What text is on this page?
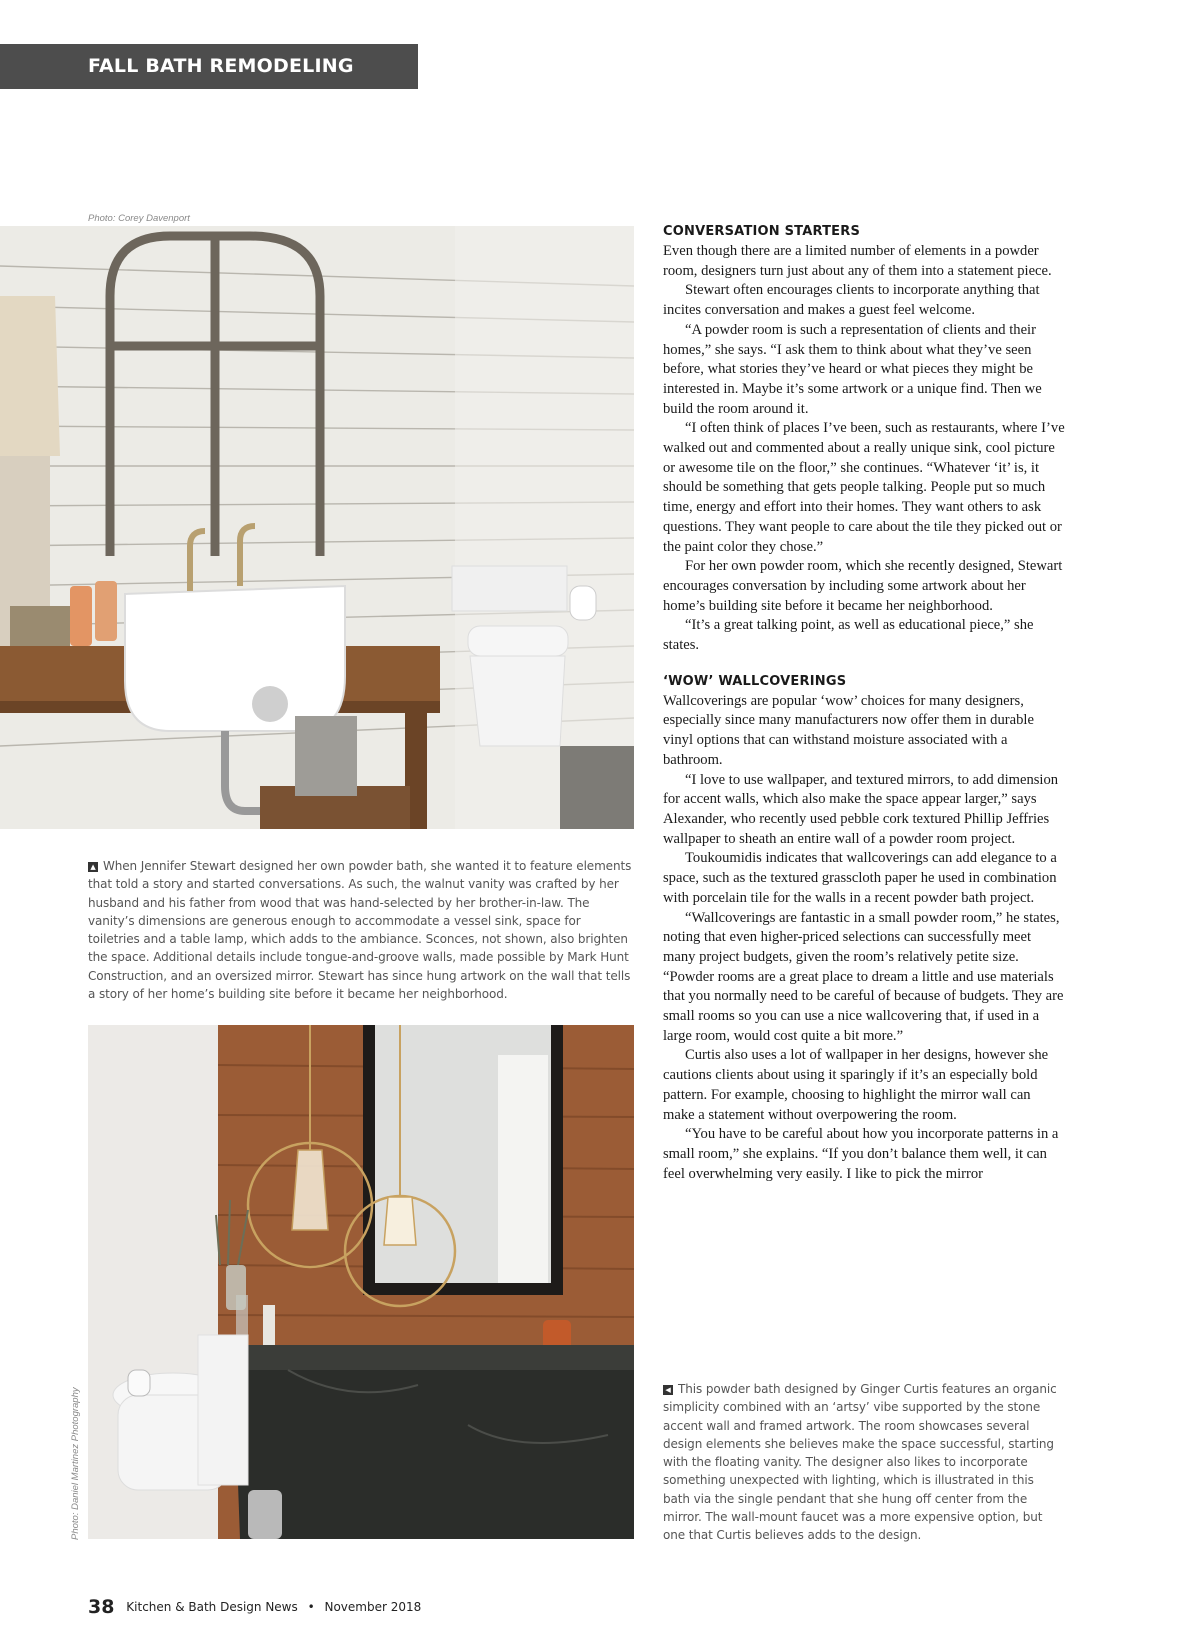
FALL BATH REMODELING REPORT
Photo: Corey Davenport
▲ When Jennifer Stewart designed her own powder bath, she wanted it to feature elements that told a story and started conversations. As such, the walnut vanity was crafted by her husband and his father from wood that was hand-selected by her brother-in-law. The vanity’s dimensions are generous enough to accommodate a vessel sink, space for toiletries and a table lamp, which adds to the ambiance. Sconces, not shown, also brighten the space. Additional details include tongue-and-groove walls, made possible by Mark Hunt Construction, and an oversized mirror. Stewart has since hung artwork on the wall that tells a story of her home’s building site before it became her neighborhood.
Photo: Daniel Martinez Photography	◀ This powder bath designed by Ginger Curtis features an organic simplicity combined with an ‘artsy’ vibe supported by the stone accent wall and framed artwork. The room showcases several design elements she believes make the space successful, starting with the floating vanity. The designer also likes to incorporate something unexpected with lighting, which is illustrated in this bath via the single pendant that she hung off center from the mirror. The wall-mount faucet was a more expensive option, but one that Curtis believes adds to the design.
CONVERSATION STARTERS

Even though there are a limited number of elements in a powder room, designers turn just about any of them into a statement piece.

Stewart often encourages clients to incorporate anything that incites conversation and makes a guest feel welcome.

“A powder room is such a representation of clients and their homes,” she says. “I ask them to think about what they’ve seen before, what stories they’ve heard or what pieces they might be interested in. Maybe it’s some artwork or a unique find. Then we build the room around it.

“I often think of places I’ve been, such as restaurants, where I’ve walked out and commented about a really unique sink, cool picture or awesome tile on the floor,” she continues. “Whatever ‘it’ is, it should be something that gets people talking. People put so much time, energy and effort into their homes. They want others to ask questions. They want people to care about the tile they picked out or the paint color they chose.”

For her own powder room, which she recently designed, Stewart encourages conversation by including some artwork about her home’s building site before it became her neighborhood.

“It’s a great talking point, as well as educational piece,” she states.

‘WOW’ WALLCOVERINGS

Wallcoverings are popular ‘wow’ choices for many designers, especially since many manufacturers now offer them in durable vinyl options that can withstand moisture associated with a bathroom.

“I love to use wallpaper, and textured mirrors, to add dimension for accent walls, which also make the space appear larger,” says Alexander, who recently used pebble cork textured Phillip Jeffries wallpaper to sheath an entire wall of a powder room project.

Toukoumidis indicates that wallcoverings can add elegance to a space, such as the textured grasscloth paper he used in combination with porcelain tile for the walls in a recent powder bath project.

“Wallcoverings are fantastic in a small powder room,” he states, noting that even higher-priced selections can successfully meet many project budgets, given the room’s relatively petite size. “Powder rooms are a great place to dream a little and use materials that you normally need to be careful of because of budgets. They are small rooms so you can use a nice wallcovering that, if used in a large room, would cost quite a bit more.”

Curtis also uses a lot of wallpaper in her designs, however she cautions clients about using it sparingly if it’s an especially bold pattern. For example, choosing to highlight the mirror wall can make a statement without overpowering the room.

“You have to be careful about how you incorporate patterns in a small room,” she explains. “If you don’t balance them well, it can feel overwhelming very easily. I like to pick the mirror

38 Kitchen & Bath Design News • November 2018
